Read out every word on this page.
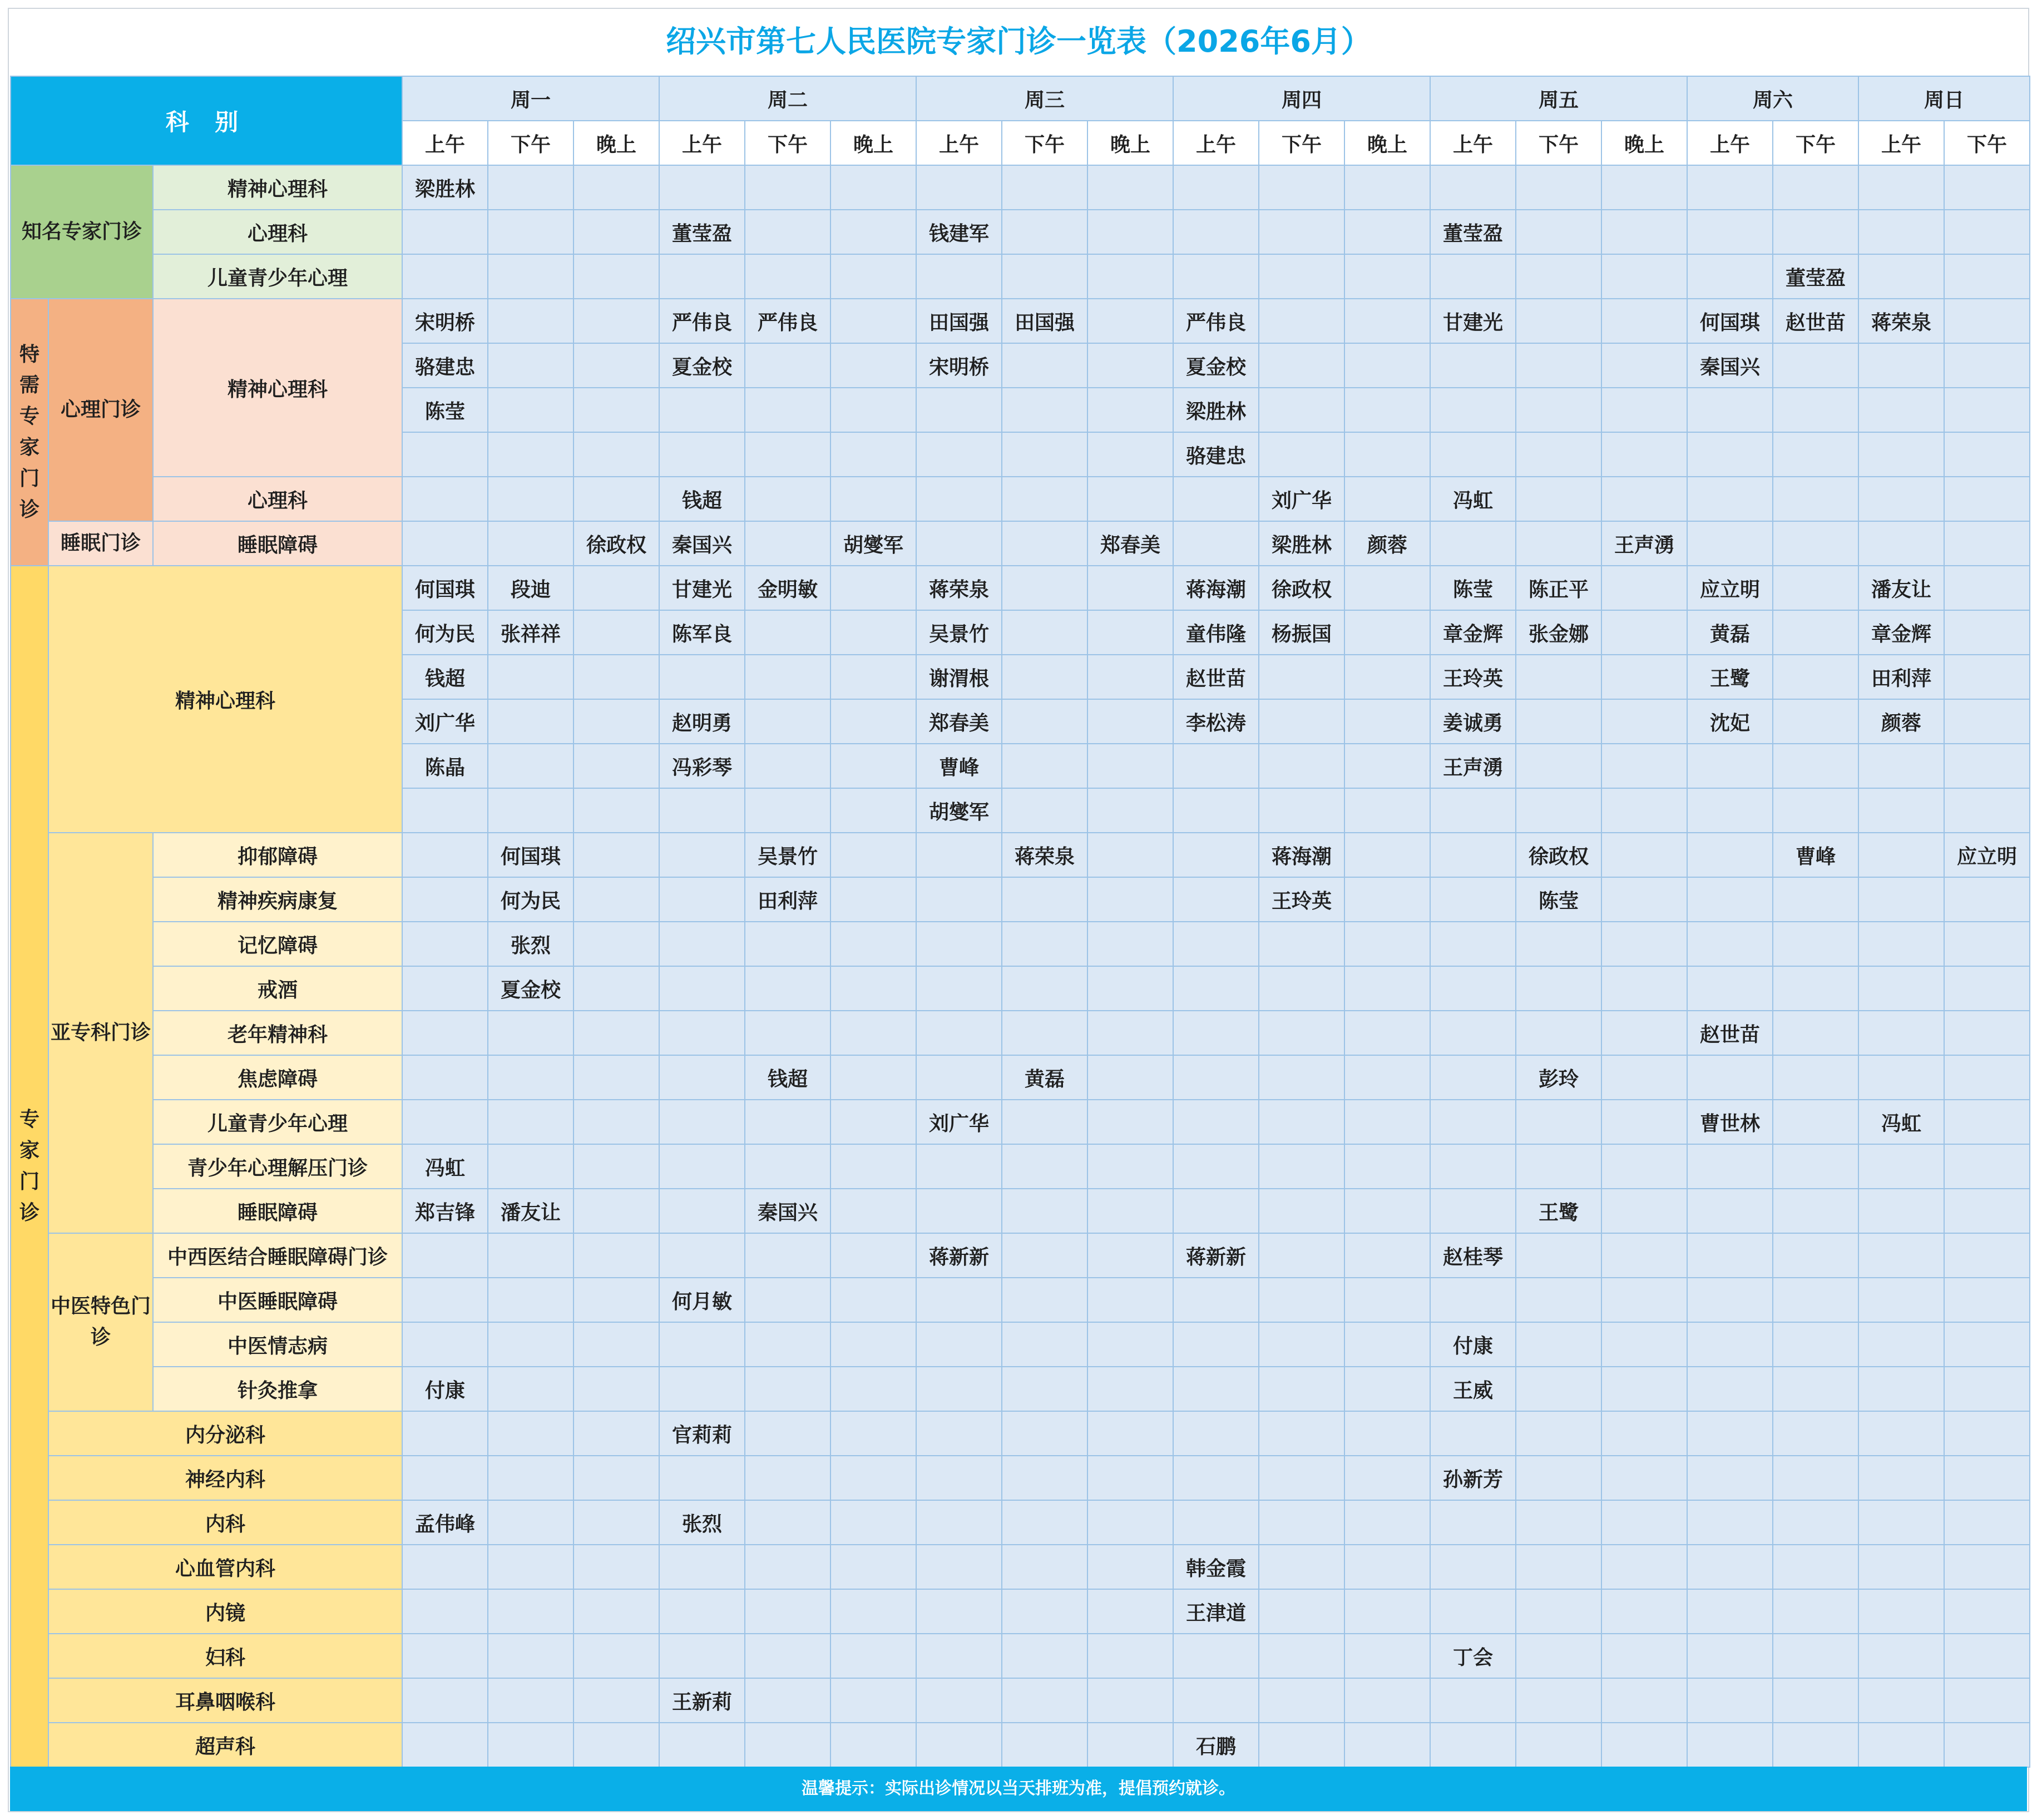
绍兴市第七人民医院专家门诊一览表（2026年6月）
科 别			周一			周二			周三			周四			周五			周六		周日	
			上午	下午	晚上	上午	下午	晚上	上午	下午	晚上	上午	下午	晚上	上午	下午	晚上	上午	下午	上午	下午
知名专家门诊		精神心理科	梁胜林																		
		心理科				董莹盈			钱建军						董莹盈						
		儿童青少年心理																	董莹盈		
特需专家门诊	心理门诊	精神心理科	宋明桥			严伟良	严伟良		田国强	田国强		严伟良			甘建光			何国琪	赵世苗	蒋荣泉	
			骆建忠			夏金校			宋明桥			夏金校						秦国兴			
			陈莹									梁胜林									
												骆建忠									
		心理科				钱超							刘广华		冯虹						
	睡眠门诊	睡眠障碍			徐政权	秦国兴		胡燮军			郑春美		梁胜林	颜蓉			王声湧				
专家门诊	精神心理科		何国琪	段迪		甘建光	金明敏		蒋荣泉			蒋海潮	徐政权		陈莹	陈正平		应立明		潘友让	
			何为民	张祥祥		陈军良			吴景竹			童伟隆	杨振国		章金辉	张金娜		黄磊		章金辉	
			钱超						谢渭根			赵世苗			王玲英			王鹭		田利萍	
			刘广华			赵明勇			郑春美			李松涛			姜诚勇			沈妃		颜蓉	
			陈晶			冯彩琴			曹峰						王声湧						
									胡燮军												
	亚专科门诊	抑郁障碍		何国琪			吴景竹			蒋荣泉			蒋海潮			徐政权			曹峰		应立明
		精神疾病康复		何为民			田利萍						王玲英			陈莹					
		记忆障碍		张烈																	
		戒酒		夏金校																	
		老年精神科																赵世苗			
		焦虑障碍					钱超			黄磊						彭玲					
		儿童青少年心理							刘广华									曹世林		冯虹	
		青少年心理解压门诊	冯虹																		
		睡眠障碍	郑吉锋	潘友让			秦国兴									王鹭					
	中医特色门诊	中西医结合睡眠障碍门诊							蒋新新			蒋新新			赵桂琴						
		中医睡眠障碍				何月敏															
		中医情志病													付康						
		针灸推拿	付康												王威						
	内分泌科					官莉莉															
	神经内科														孙新芳						
	内科		孟伟峰			张烈															
	心血管内科											韩金霞									
	内镜											王津道									
	妇科														丁会						
	耳鼻咽喉科					王新莉															
	超声科											石鹏									
温馨提示：实际出诊情况以当天排班为准，提倡预约就诊。
